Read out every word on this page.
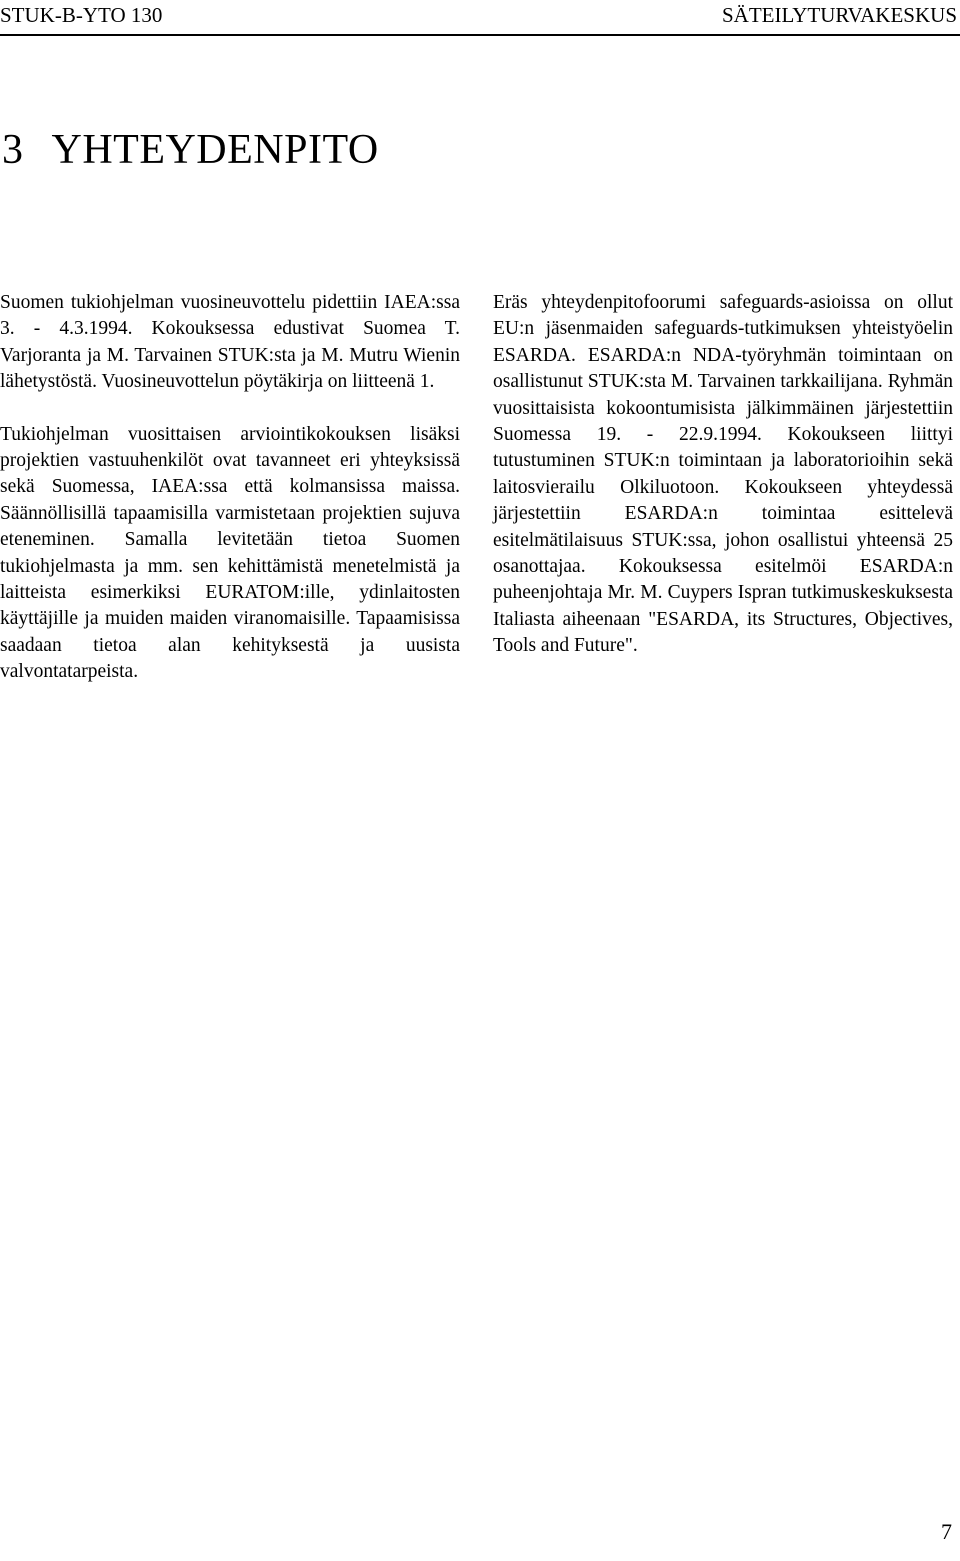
STUK-B-YTO 130	SÄTEILYTURVAKESKUS
3 YHTEYDENPITO

Suomen tukiohjelman vuosineuvottelu pidettiin IAEA:ssa 3. - 4.3.1994. Kokouksessa edustivat Suomea T. Varjoranta ja M. Tarvainen STUK:sta ja M. Mutru Wienin lähetystöstä. Vuosineuvottelun pöytäkirja on liitteenä 1.

Tukiohjelman vuosittaisen arviointikokouksen lisäksi projektien vastuuhenkilöt ovat tavanneet eri yhteyksissä sekä Suomessa, IAEA:ssa että kolmansissa maissa. Säännöllisillä tapaamisilla varmistetaan projektien sujuva eteneminen. Samalla levitetään tietoa Suomen tukiohjelmasta ja mm. sen kehittämistä menetelmistä ja laitteista esimerkiksi EURATOM:ille, ydinlaitosten käyttäjille ja muiden maiden viranomaisille. Tapaamisissa saadaan tietoa alan kehityksestä ja uusista valvontatarpeista.

Eräs yhteydenpitofoorumi safeguards-asioissa on ollut EU:n jäsenmaiden safeguards-tutkimuksen yhteistyöelin ESARDA. ESARDA:n NDA-työryhmän toimintaan on osallistunut STUK:sta M. Tarvainen tarkkailijana. Ryhmän vuosittaisista kokoontumisista jälkimmäinen järjestettiin Suomessa 19. - 22.9.1994. Kokoukseen liittyi tutustuminen STUK:n toimintaan ja laboratorioihin sekä laitosvierailu Olkiluotoon. Kokoukseen yhteydessä järjestettiin ESARDA:n toimintaa esittelevä esitelmätilaisuus STUK:ssa, johon osallistui yhteensä 25 osanottajaa. Kokouksessa esitelmöi ESARDA:n puheenjohtaja Mr. M. Cuypers Ispran tutkimuskeskuksesta Italiasta aiheenaan "ESARDA, its Structures, Objectives, Tools and Future".

7
